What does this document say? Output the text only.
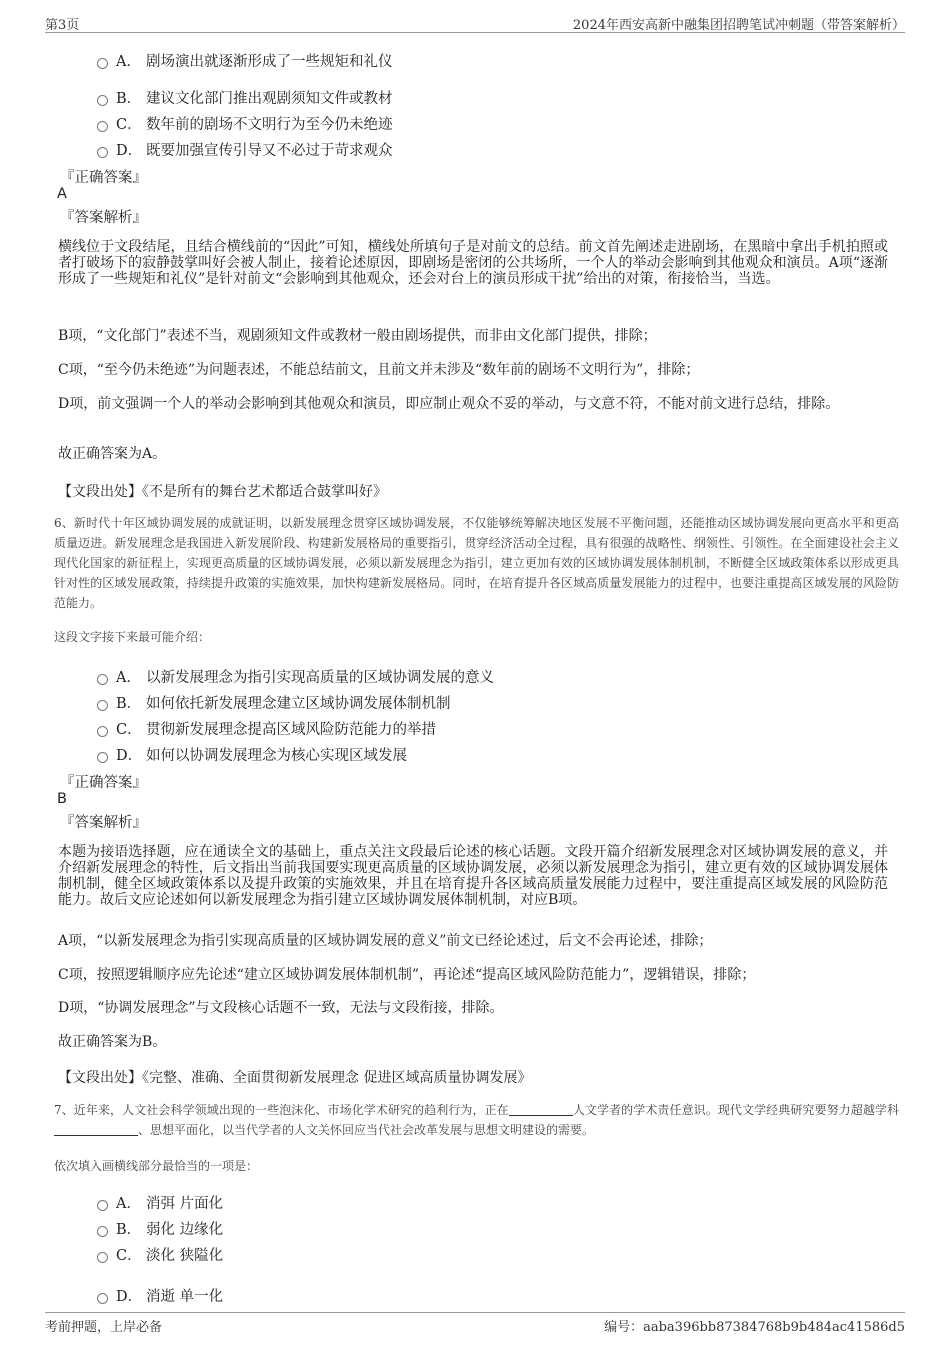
第3页	2024年西安高新中融集团招聘笔试冲刺题（带答案解析）
A． 剧场演出就逐渐形成了一些规矩和礼仪
B． 建议文化部门推出观剧须知文件或教材
C． 数年前的剧场不文明行为至今仍未绝迹
D． 既要加强宣传引导又不必过于苛求观众
『正确答案』
A
『答案解析』
横线位于文段结尾，且结合横线前的“因此”可知，横线处所填句子是对前文的总结。前文首先阐述走进剧场，在黑暗中拿出手机拍照或者打破场下的寂静鼓掌叫好会被人制止，接着论述原因，即剧场是密闭的公共场所，一个人的举动会影响到其他观众和演员。A项“逐渐形成了一些规矩和礼仪”是针对前文“会影响到其他观众，还会对台上的演员形成干扰”给出的对策，衔接恰当，当选。
B项，“文化部门”表述不当，观剧须知文件或教材一般由剧场提供，而非由文化部门提供，排除；
C项，“至今仍未绝迹”为问题表述，不能总结前文，且前文并未涉及“数年前的剧场不文明行为”，排除；
D项，前文强调一个人的举动会影响到其他观众和演员，即应制止观众不妥的举动，与文意不符，不能对前文进行总结，排除。
故正确答案为A。
【文段出处】《不是所有的舞台艺术都适合鼓掌叫好》
6、新时代十年区域协调发展的成就证明，以新发展理念贯穿区域协调发展，不仅能够统筹解决地区发展不平衡问题，还能推动区域协调发展向更高水平和更高质量迈进。新发展理念是我国进入新发展阶段、构建新发展格局的重要指引，贯穿经济活动全过程，具有很强的战略性、纲领性、引领性。在全面建设社会主义现代化国家的新征程上，实现更高质量的区域协调发展，必须以新发展理念为指引，建立更加有效的区域协调发展体制机制，不断健全区域政策体系以形成更具针对性的区域发展政策，持续提升政策的实施效果，加快构建新发展格局。同时，在培育提升各区域高质量发展能力的过程中，也要注重提高区域发展的风险防范能力。
这段文字接下来最可能介绍：
A． 以新发展理念为指引实现高质量的区域协调发展的意义
B． 如何依托新发展理念建立区域协调发展体制机制
C． 贯彻新发展理念提高区域风险防范能力的举措
D． 如何以协调发展理念为核心实现区域发展
『正确答案』
B
『答案解析』
本题为接语选择题，应在通读全文的基础上，重点关注文段最后论述的核心话题。文段开篇介绍新发展理念对区域协调发展的意义，并介绍新发展理念的特性，后文指出当前我国要实现更高质量的区域协调发展，必须以新发展理念为指引，建立更有效的区域协调发展体制机制，健全区域政策体系以及提升政策的实施效果，并且在培育提升各区域高质量发展能力过程中，要注重提高区域发展的风险防范能力。故后文应论述如何以新发展理念为指引建立区域协调发展体制机制，对应B项。
A项，“以新发展理念为指引实现高质量的区域协调发展的意义”前文已经论述过，后文不会再论述，排除；
C项，按照逻辑顺序应先论述“建立区域协调发展体制机制”，再论述“提高区域风险防范能力”，逻辑错误，排除；
D项，“协调发展理念”与文段核心话题不一致，无法与文段衔接，排除。
故正确答案为B。
【文段出处】《完整、准确、全面贯彻新发展理念 促进区域高质量协调发展》
7、近年来，人文社会科学领域出现的一些泡沫化、市场化学术研究的趋利行为，正在	人文学者的学术责任意识。现代文学经典研究要努力超越学科、思想平面化，以当代学者的人文关怀回应当代社会改革发展与思想文明建设的需要。
依次填入画横线部分最恰当的一项是：
A． 消弭 片面化
B． 弱化 边缘化
C． 淡化 狭隘化
D． 消逝 单一化
考前押题，上岸必备	编号：aaba396bb87384768b9b484ac41586d5
